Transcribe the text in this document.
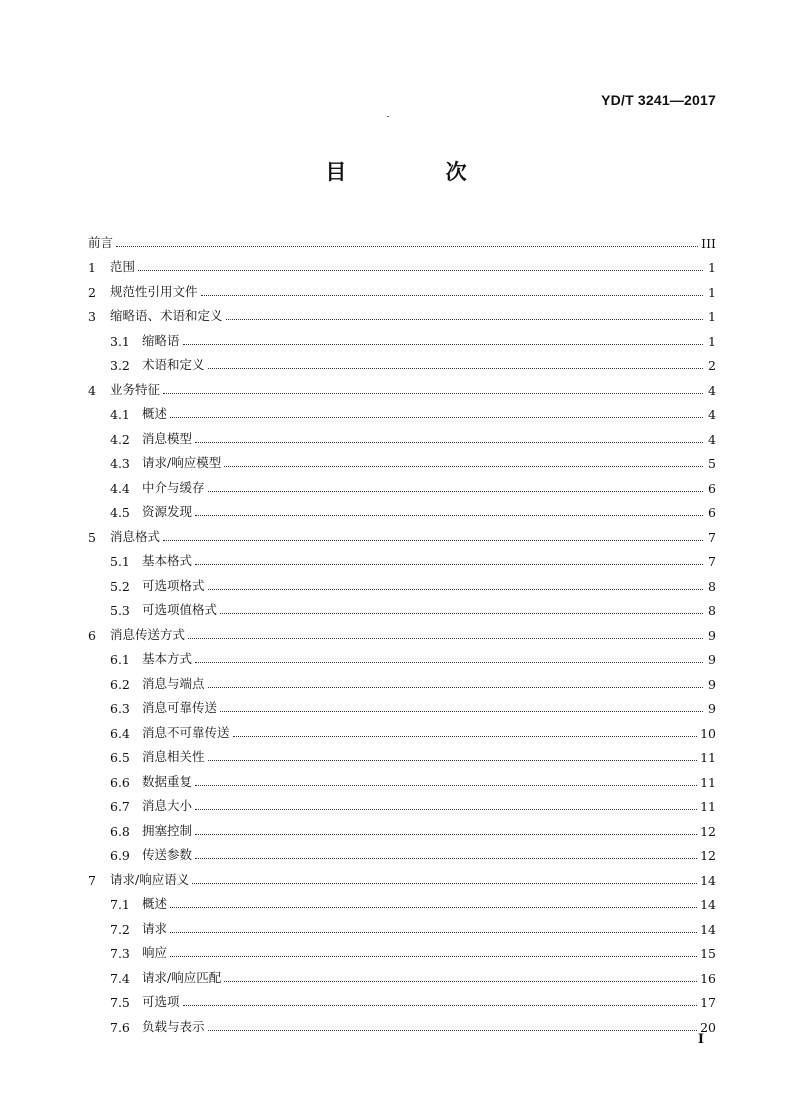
YD/T 3241—2017
目 次
前言	III
1	范围	1
2	规范性引用文件	1
3	缩略语、术语和定义	1
3.1 缩略语	1
3.2 术语和定义	2
4	业务特征	4
4.1 概述	4
4.2 消息模型	4
4.3 请求/响应模型	5
4.4 中介与缓存	6
4.5 资源发现	6
5	消息格式	7
5.1 基本格式	7
5.2 可选项格式	8
5.3 可选项值格式	8
6	消息传送方式	9
6.1 基本方式	9
6.2 消息与端点	9
6.3 消息可靠传送	9
6.4 消息不可靠传送	10
6.5 消息相关性	11
6.6 数据重复	11
6.7 消息大小	11
6.8 拥塞控制	12
6.9 传送参数	12
7	请求/响应语义	14
7.1 概述	14
7.2 请求	14
7.3 响应	15
7.4 请求/响应匹配	16
7.5 可选项	17
7.6 负载与表示	20
I
